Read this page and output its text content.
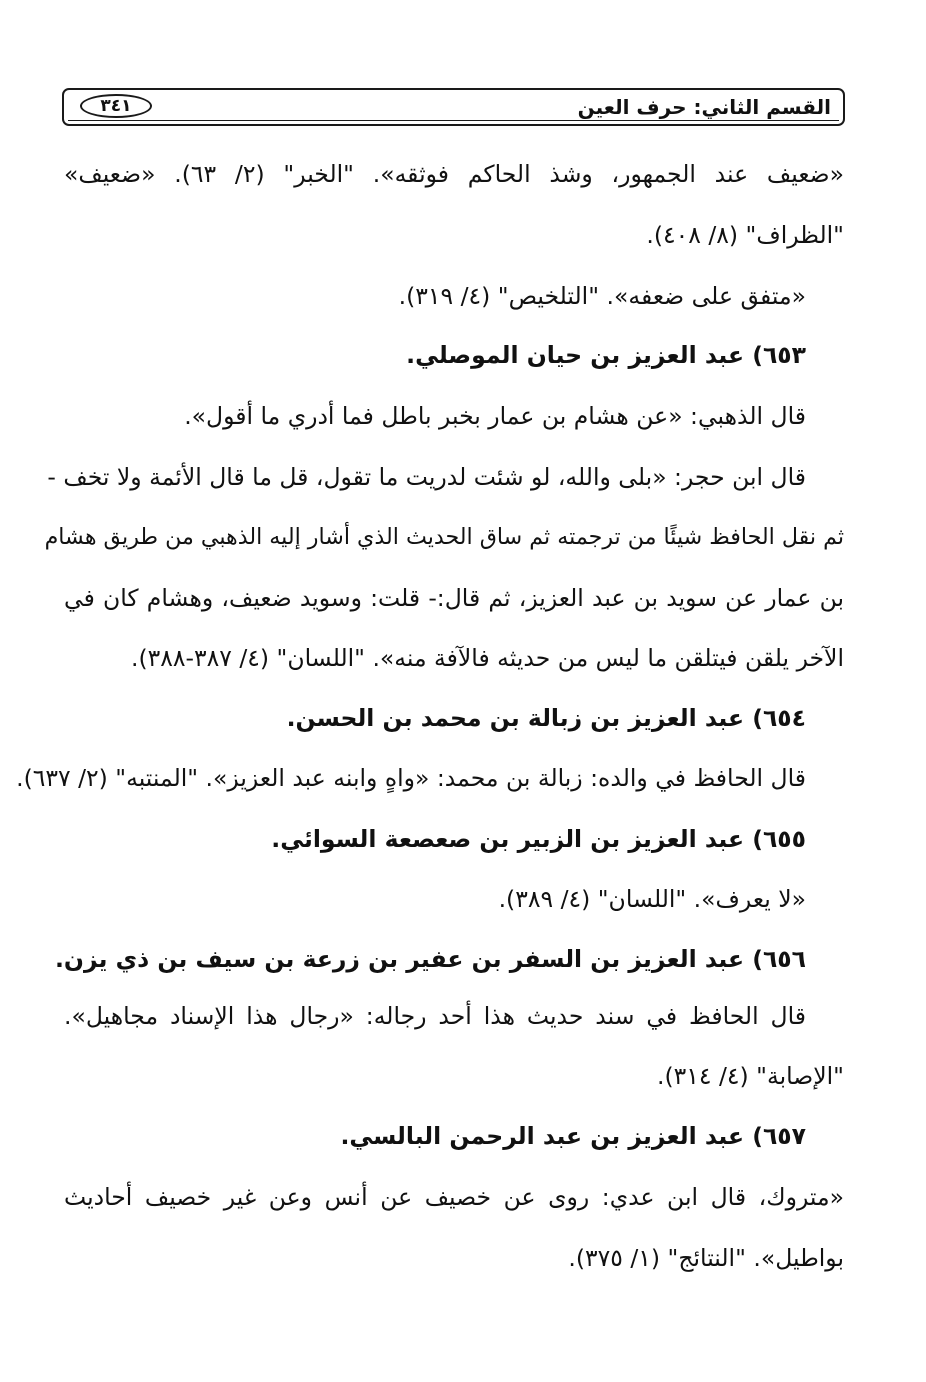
القسم الثاني: حرف العين
٣٤١
«ضعيف عند الجمهور، وشذ الحاكم فوثقه». "الخبر" (٢/ ٦٣). «ضعيف»
"الظراف" (٨/ ٤٠٨).
«متفق على ضعفه». "التلخيص" (٤/ ٣١٩).
٦٥٣) عبد العزيز بن حيان الموصلي.
قال الذهبي: «عن هشام بن عمار بخبر باطل فما أدري ما أقول».
قال ابن حجر: «بلى والله، لو شئت لدريت ما تقول، قل ما قال الأئمة ولا تخف -
ثم نقل الحافظ شيئًا من ترجمته ثم ساق الحديث الذي أشار إليه الذهبي من طريق هشام
بن عمار عن سويد بن عبد العزيز، ثم قال:- قلت: وسويد ضعيف، وهشام كان في
الآخر يلقن فيتلقن ما ليس من حديثه فالآفة منه». "اللسان" (٤/ ٣٨٧-٣٨٨).
٦٥٤) عبد العزيز بن زبالة بن محمد بن الحسن.
قال الحافظ في والده: زبالة بن محمد: «واهٍ وابنه عبد العزيز». "المنتبه" (٢/ ٦٣٧).
٦٥٥) عبد العزيز بن الزبير بن صعصعة السوائي.
«لا يعرف». "اللسان" (٤/ ٣٨٩).
٦٥٦) عبد العزيز بن السفر بن عفير بن زرعة بن سيف بن ذي يزن.
قال الحافظ في سند حديث هذا أحد رجاله: «رجال هذا الإسناد مجاهيل».
"الإصابة" (٤/ ٣١٤).
٦٥٧) عبد العزيز بن عبد الرحمن البالسي.
«متروك، قال ابن عدي: روى عن خصيف عن أنس وعن غير خصيف أحاديث
بواطيل». "النتائج" (١/ ٣٧٥).
